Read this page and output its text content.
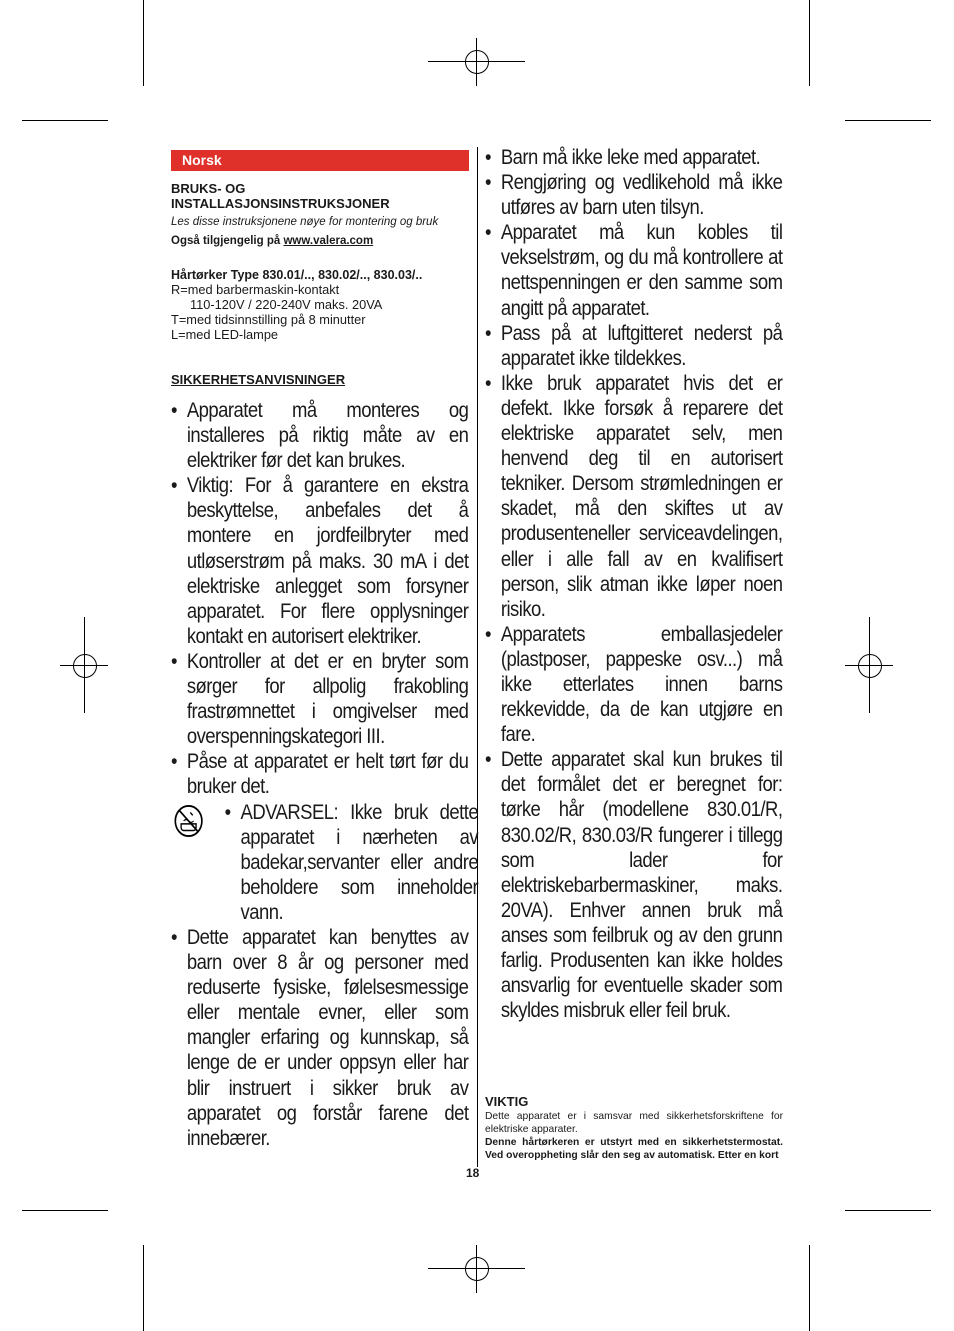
Norsk
BRUKS- OG
INSTALLASJONSINSTRUKSJONER
Les disse instruksjonene nøye for montering og bruk
Også tilgjengelig på www.valera.com
Hårtørker Type 830.01/.., 830.02/.., 830.03/..
R=med barbermaskin-kontakt
110-120V / 220-240V maks. 20VA
T=med tidsinnstilling på 8 minutter
L=med LED-lampe
SIKKERHETSANVISNINGER
• Apparatet må monteres og installeres på riktig måte av en elektriker før det kan brukes.
• Viktig: For å garantere en ekstra beskyttelse, anbefales det å montere en jordfeilbryter med utløserstrøm på maks. 30 mA i det elektriske anlegget som forsyner apparatet. For flere opplysninger kontakt en autorisert elektriker.
• Kontroller at det er en bryter som sørger for allpolig frakobling frastrømnettet i omgivelser med overspenningskategori III.
• Påse at apparatet er helt tørt før du bruker det.
• ADVARSEL: Ikke bruk dette apparatet i nærheten av badekar,servanter eller andre beholdere som inneholder vann.
• Dette apparatet kan benyttes av barn over 8 år og personer med reduserte fysiske, følelsesmessige eller mentale evner, eller som mangler erfaring og kunnskap, så lenge de er under oppsyn eller har blir instruert i sikker bruk av apparatet og forstår farene det innebærer.
• Barn må ikke leke med apparatet.
• Rengjøring og vedlikehold må ikke utføres av barn uten tilsyn.
• Apparatet må kun kobles til vekselstrøm, og du må kontrollere at nettspenningen er den samme som angitt på apparatet.
• Pass på at luftgitteret nederst på apparatet ikke tildekkes.
• Ikke bruk apparatet hvis det er defekt. Ikke forsøk å reparere det elektriske apparatet selv, men henvend deg til en autorisert tekniker. Dersom strømledningen er skadet, må den skiftes ut av produsenteneller serviceavdelingen, eller i alle fall av en kvalifisert person, slik atman ikke løper noen risiko.
• Apparatets emballasjedeler (plastposer, pappeske osv...) må ikke etterlates innen barns rekkevidde, da de kan utgjøre en fare.
• Dette apparatet skal kun brukes til det formålet det er beregnet for: tørke hår (modellene 830.01/R, 830.02/R, 830.03/R fungerer i tillegg som lader for elektriskebarbermaskiner, maks. 20VA). Enhver annen bruk må anses som feilbruk og av den grunn farlig. Produsenten kan ikke holdes ansvarlig for eventuelle skader som skyldes misbruk eller feil bruk.
VIKTIG
Dette apparatet er i samsvar med sikkerhetsforskriftene for elektriske apparater.
Denne hårtørkeren er utstyrt med en sikkerhetstermostat. Ved overoppheting slår den seg av automatisk. Etter en kort
18
